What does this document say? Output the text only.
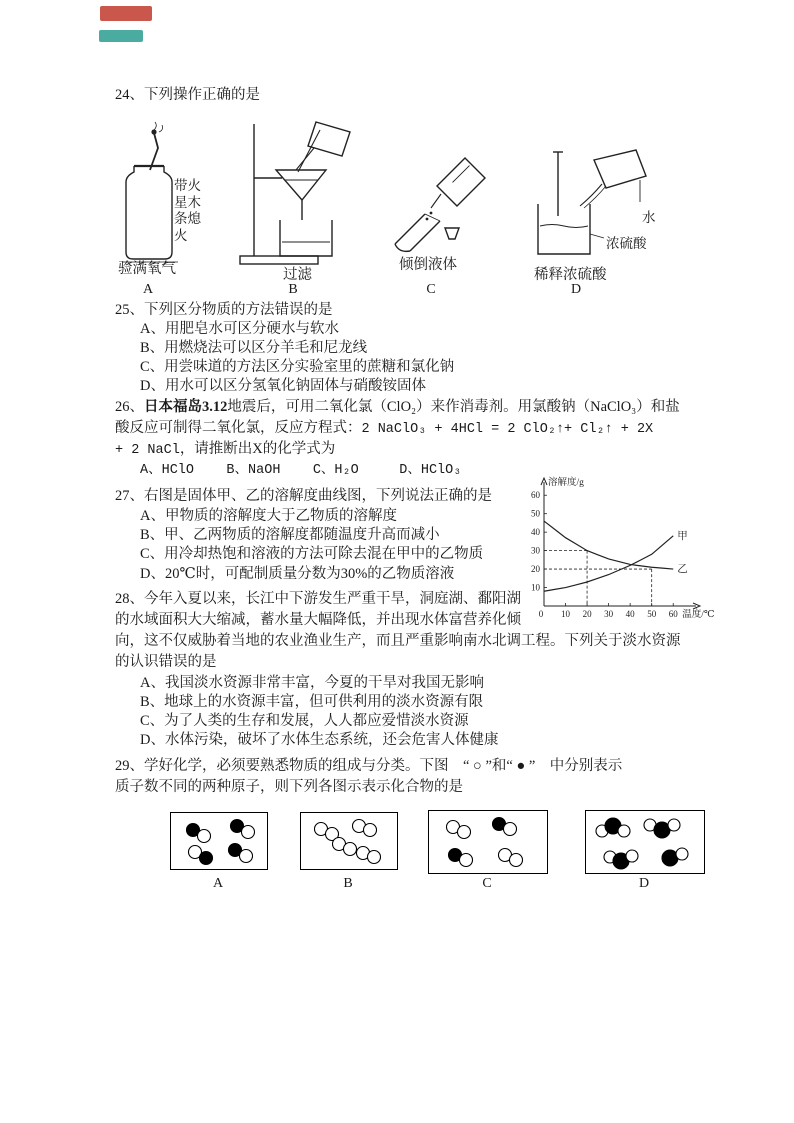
24、下列操作正确的是
带火星木条熄火
验满氧气
A
过滤
B
倾倒液体
C
水
浓硫酸
稀释浓硫酸
D
25、下列区分物质的方法错误的是
A、用肥皂水可区分硬水与软水
B、用燃烧法可以区分羊毛和尼龙线
C、用尝味道的方法区分实验室里的蔗糖和氯化钠
D、用水可以区分氢氧化钠固体与硝酸铵固体
26、日本福岛3.12地震后，可用二氧化氯（ClO₂）来作消毒剂。用氯酸钠（NaClO₃）和盐
酸反应可制得二氧化氯，反应方程式：2 NaClO₃ + 4HCl = 2 ClO₂↑+ Cl₂↑ + 2X
+ 2 NaCl，请推断出X的化学式为
A、HClO    B、NaOH    C、H₂O     D、HClO₃
27、右图是固体甲、乙的溶解度曲线图，下列说法正确的是
A、甲物质的溶解度大于乙物质的溶解度
B、甲、乙两物质的溶解度都随温度升高而减小
C、用冷却热饱和溶液的方法可除去混在甲中的乙物质
D、20℃时，可配制质量分数为30%的乙物质溶液
10
20
30
40
50
60
0 10 20 30 40 50 60
溶解度/g
温度/℃
甲
乙
28、今年入夏以来，长江中下游发生严重干旱，洞庭湖、鄱阳湖
的水域面积大大缩减，蓄水量大幅降低，并出现水体富营养化倾
向，这不仅威胁着当地的农业渔业生产，而且严重影响南水北调工程。下列关于淡水资源
的认识错误的是
A、我国淡水资源非常丰富，今夏的干旱对我国无影响
B、地球上的水资源丰富，但可供利用的淡水资源有限
C、为了人类的生存和发展，人人都应爱惜淡水资源
D、水体污染，破坏了水体生态系统，还会危害人体健康
29、学好化学，必须要熟悉物质的组成与分类。下图　“ ○ ”和“ ● ”　中分别表示
质子数不同的两种原子，则下列各图示表示化合物的是
A	B	C	D
